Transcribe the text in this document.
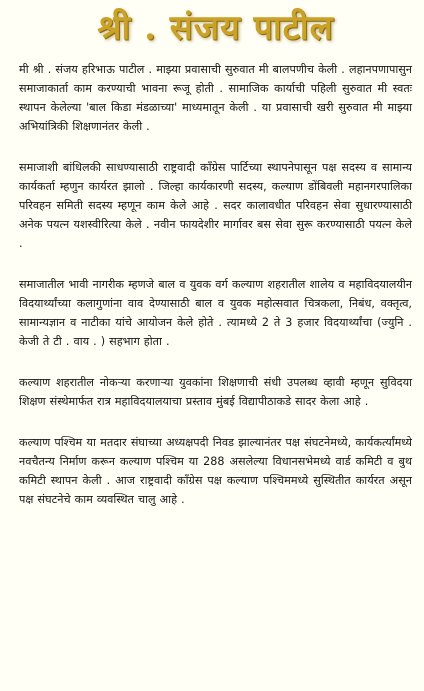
श्री . संजय पाटील

मी श्री . संजय हरिभाऊ पाटील . माझ्या प्रवासाची सुरुवात मी बालपणीच केली . लहानपणापासुन समाजाकार्ता काम करण्याची भावना रूजू होती . सामाजिक कार्याची पहिली सुरुवात मी स्वतः स्थापन केलेल्या 'बाल किडा मंडळाच्या' माध्यमातून केली . या प्रवासाची खरी सुरुवात मी माझ्या अभियांत्रिकी शिक्षणानंतर केली .

समाजाशी बांधिलकी साधण्यासाठी राष्ट्रवादी कॉंग्रेस पार्टिच्या स्थापनेपासून पक्ष सदस्य व सामान्य कार्यकर्ता म्हणुन कार्यरत झालो . जिल्हा कार्यकारणी सदस्य, कल्याण डोंबिवली महानगरपालिका परिवहन समिती सदस्य म्हणून काम केले आहे . सदर कालावधीत परिवहन सेवा सुधारण्यासाठी अनेक पयत्न यशस्वीरित्या केले . नवीन फायदेशीर मार्गावर बस सेवा सुरू करण्यासाठी पयत्न केले .

समाजातील भावी नागरीक म्हणजे बाल व युवक वर्ग कल्याण शहरातील शालेय व महाविदयालयीन विदयार्थ्यांच्या कलागुणांना वाव देण्यासाठी बाल व युवक महोत्सवात चित्रकला, निबंध, वक्तृत्व, सामान्यज्ञान व नाटीका यांचे आयोजन केले होते . त्यामध्ये 2 ते 3 हजार विदयार्थ्यांचा (ज्युनि . केजी ते टी . वाय . ) सहभाग होता .

कल्याण शहरातील नोकऱ्या करणाऱ्या युवकांना शिक्षणाची संधी उपलब्ध व्हावी म्हणून सुविदया शिक्षण संस्थेमार्फत रात्र महाविदयालयाचा प्रस्ताव मुंबई विद्यापीठाकडे सादर केला आहे .

कल्याण पश्चिम या मतदार संघाच्या अध्यक्षपदी निवड झाल्यानंतर पक्ष संघटनेमध्ये, कार्यकर्त्यांमध्ये नवचैतन्य निर्माण करून कल्याण पश्चिम या 288 असलेल्या विधानसभेमध्ये वार्ड कमिटी व बुथ कमिटी स्थापन केली . आज राष्ट्रवादी कॉंग्रेस पक्ष कल्याण पश्चिममध्ये सुस्थितीत कार्यरत असून पक्ष संघटनेचे काम व्यवस्थित चालु आहे .
